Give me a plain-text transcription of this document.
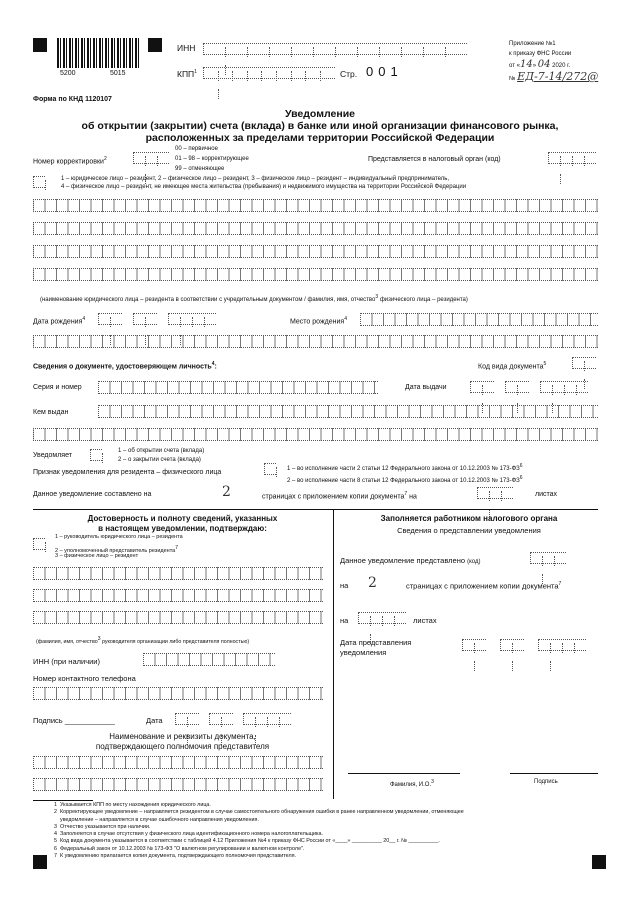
5200	5015
ИНН
КПП$^1$	Стр. 001
Приложение №1
к приказу ФНС России
от «14» 04 2020 г.
№ ЕД-7-14/272@
Форма по КНД 1120107
Уведомление
об открытии (закрытии) счета (вклада) в банке или иной организации финансового рынка,
расположенных за пределами территории Российской Федерации
Номер корректировки$^2$
00 – первичное
01 – 98 – корректирующее
99 – отменяющее
Представляется в налоговый орган (код)
1 – юридическое лицо – резидент, 2 – физическое лицо – резидент, 3 – физическое лицо – резидент – индивидуальный предприниматель,
4 – физическое лицо – резидент, не имеющее места жительства (пребывания) и недвижимого имущества на территории Российской Федерации
(наименование юридического лица – резидента в соответствии с учредительным документом / фамилия, имя, отчество$^3$ физического лица – резидента)
Дата рождения$^4$	Место рождения$^4$
Сведения о документе, удостоверяющем личность$^4$:	Код вида документа$^5$
Серия и номер	Дата выдачи
Кем выдан
Уведомляет
1 – об открытии счета (вклада)
2 – о закрытии счета (вклада)
Признак уведомления для резидента – физического лица	1 – во исполнение части 2 статьи 12 Федерального закона от 10.12.2003 № $173-ФЗ^6$
2 – во исполнение части 8 статьи 12 Федерального закона от 10.12.2003 № $173-ФЗ^6$
Данное уведомление составлено на	2	страницах с приложением копии документа$^7$ на	листах
Достоверность и полноту сведений, указанных
в настоящем уведомлении, подтверждаю:
1 – руководитель юридического лица – резидента
2 – уполномоченный представитель резидента7
3 – физическое лицо – резидент
(фамилия, имя, отчество3 руководителя организации либо представителя полностью)
ИНН (при наличии)
Номер контактного телефона
Подпись ____________	Дата
Наименование и реквизиты документа,
подтверждающего полномочия представителя
Заполняется работником налогового органа
Сведения о представлении уведомления
Данное уведомление представлено (код)
на 2	страницах с приложением копии документа$^7$
на	листах
Дата представления
уведомления
Фамилия, И.О.$^3$	Подпись
1 Указывается КПП по месту нахождения юридического лица.
2 Корректирующее уведомление – направляется резидентом в случае самостоятельного обнаружения ошибки в ранее направленном уведомлении, отменяющее
уведомление – направляется в случае ошибочного направления уведомления.
3 Отчество указывается при наличии.
4 Заполняется в случае отсутствия у физического лица идентификационного номера налогоплательщика.
5 Код вида документа указывается в соответствии с таблицей 4.12 Приложения №4 к приказу ФНС России от «____» __________ 20__ г. № __________.
6 Федеральный закон от 10.12.2003 № 173-ФЗ "О валютном регулировании и валютном контроле".
7 К уведомлению прилагается копия документа, подтверждающего полномочия представителя.
